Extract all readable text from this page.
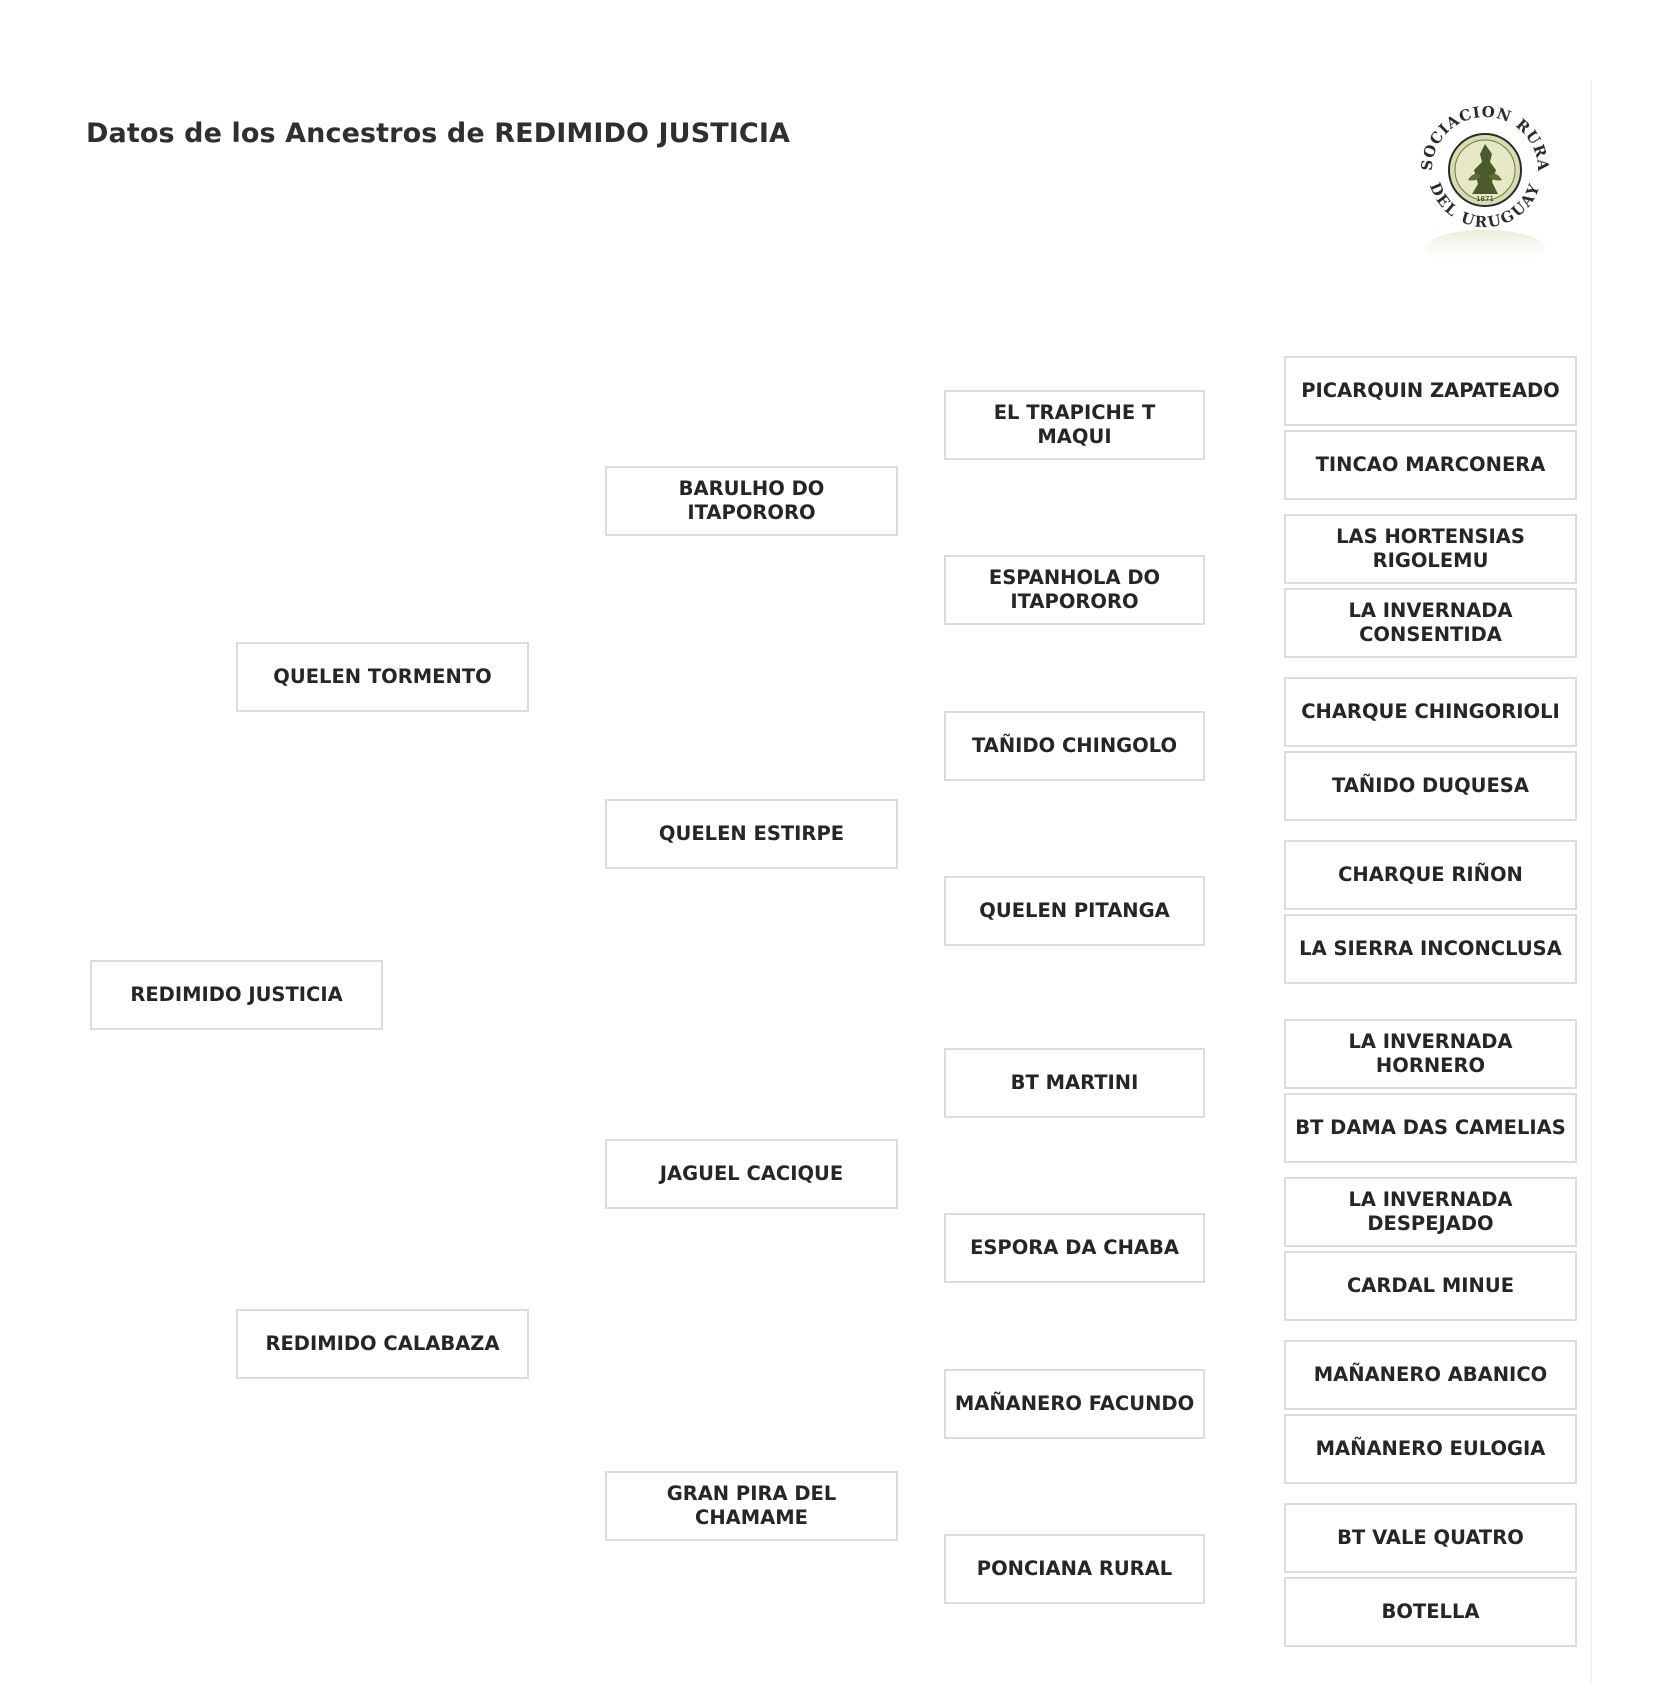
Datos de los Ancestros de REDIMIDO JUSTICIA
SOCIACION RURA
DEL URUGUAY
1871
REDIMIDO JUSTICIA
QUELEN TORMENTO
REDIMIDO CALABAZA
BARULHO DO ITAPORORO
QUELEN ESTIRPE
JAGUEL CACIQUE
GRAN PIRA DEL CHAMAME
EL TRAPICHE T MAQUI
ESPANHOLA DO ITAPORORO
TAÑIDO CHINGOLO
QUELEN PITANGA
BT MARTINI
ESPORA DA CHABA
MAÑANERO FACUNDO
PONCIANA RURAL
PICARQUIN ZAPATEADO
TINCAO MARCONERA
LAS HORTENSIAS RIGOLEMU
LA INVERNADA CONSENTIDA
CHARQUE CHINGORIOLI
TAÑIDO DUQUESA
CHARQUE RIÑON
LA SIERRA INCONCLUSA
LA INVERNADA HORNERO
BT DAMA DAS CAMELIAS
LA INVERNADA DESPEJADO
CARDAL MINUE
MAÑANERO ABANICO
MAÑANERO EULOGIA
BT VALE QUATRO
BOTELLA
